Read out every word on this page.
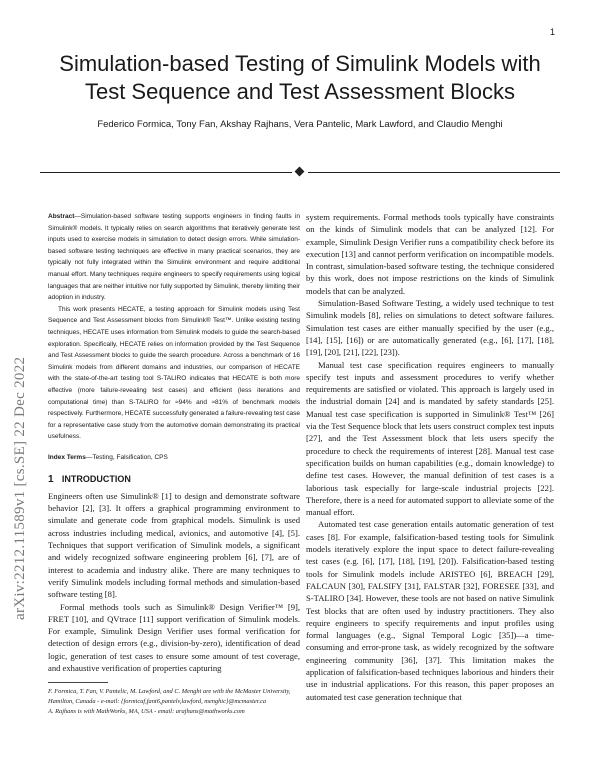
1
Simulation-based Testing of Simulink Models with Test Sequence and Test Assessment Blocks
Federico Formica, Tony Fan, Akshay Rajhans, Vera Pantelic, Mark Lawford, and Claudio Menghi
arXiv:2212.11589v1 [cs.SE] 22 Dec 2022

Abstract—Simulation-based software testing supports engineers in finding faults in Simulink® models. It typically relies on search algorithms that iteratively generate test inputs used to exercise models in simulation to detect design errors. While simulation-based software testing techniques are effective in many practical scenarios, they are typically not fully integrated within the Simulink environment and require additional manual effort. Many techniques require engineers to specify requirements using logical languages that are neither intuitive nor fully supported by Simulink, thereby limiting their adoption in industry.

This work presents HECATE, a testing approach for Simulink models using Test Sequence and Test Assessment blocks from Simulink® Test™. Unlike existing testing techniques, HECATE uses information from Simulink models to guide the search-based exploration. Specifically, HECATE relies on information provided by the Test Sequence and Test Assessment blocks to guide the search procedure. Across a benchmark of 16 Simulink models from different domains and industries, our comparison of HECATE with the state-of-the-art testing tool S-TALIRO indicates that HECATE is both more effective (more failure-revealing test cases) and efficient (less iterations and computational time) than S-TALIRO for ≈94% and ≈81% of benchmark models respectively. Furthermore, HECATE successfully generated a failure-revealing test case for a representative case study from the automotive domain demonstrating its practical usefulness.

Index Terms—Testing, Falsification, CPS

1 INTRODUCTION

Engineers often use Simulink® [1] to design and demonstrate software behavior [2], [3]. It offers a graphical programming environment to simulate and generate code from graphical models. Simulink is used across industries including medical, avionics, and automotive [4], [5]. Techniques that support verification of Simulink models, a significant and widely recognized software engineering problem [6], [7], are of interest to academia and industry alike. There are many techniques to verify Simulink models including formal methods and simulation-based software testing [8].

Formal methods tools such as Simulink® Design Verifier™ [9], FRET [10], and QVtrace [11] support verification of Simulink models. For example, Simulink Design Verifier uses formal verification for detection of design errors (e.g., division-by-zero), identification of dead logic, generation of test cases to ensure some amount of test coverage, and exhaustive verification of properties capturing

F. Formica, T. Fan, V. Pantelic, M. Lawford, and C. Menghi are with the McMaster University, Hamilton, Canada - e-mail: {formicaf,fant6,pantelv,lawford, menghic}@mcmaster.ca

A. Rajhans is with MathWorks, MA, USA - email: arajhans@mathworks.com

system requirements. Formal methods tools typically have constraints on the kinds of Simulink models that can be analyzed [12]. For example, Simulink Design Verifier runs a compatibility check before its execution [13] and cannot perform verification on incompatible models. In contrast, simulation-based software testing, the technique considered by this work, does not impose restrictions on the kinds of Simulink models that can be analyzed.

Simulation-Based Software Testing, a widely used technique to test Simulink models [8], relies on simulations to detect software failures. Simulation test cases are either manually specified by the user (e.g., [14], [15], [16]) or are automatically generated (e.g., [6], [17], [18], [19], [20], [21], [22], [23]).

Manual test case specification requires engineers to manually specify test inputs and assessment procedures to verify whether requirements are satisfied or violated. This approach is largely used in the industrial domain [24] and is mandated by safety standards [25]. Manual test case specification is supported in Simulink® Test™ [26] via the Test Sequence block that lets users construct complex test inputs [27], and the Test Assessment block that lets users specify the procedure to check the requirements of interest [28]. Manual test case specification builds on human capabilities (e.g., domain knowledge) to define test cases. However, the manual definition of test cases is a laborious task especially for large-scale industrial projects [22]. Therefore, there is a need for automated support to alleviate some of the manual effort.

Automated test case generation entails automatic generation of test cases [8]. For example, falsification-based testing tools for Simulink models iteratively explore the input space to detect failure-revealing test cases (e.g. [6], [17], [18], [19], [20]). Falsification-based testing tools for Simulink models include ARISTEO [6], BREACH [29], FALCAUN [30], FALSIFY [31], FALSTAR [32], FORESEE [33], and S-TALIRO [34]. However, these tools are not based on native Simulink Test blocks that are often used by industry practitioners. They also require engineers to specify requirements and input profiles using formal languages (e.g., Signal Temporal Logic [35])—a time-consuming and error-prone task, as widely recognized by the software engineering community [36], [37]. This limitation makes the application of falsification-based techniques laborious and hinders their use in industrial applications. For this reason, this paper proposes an automated test case generation technique that
